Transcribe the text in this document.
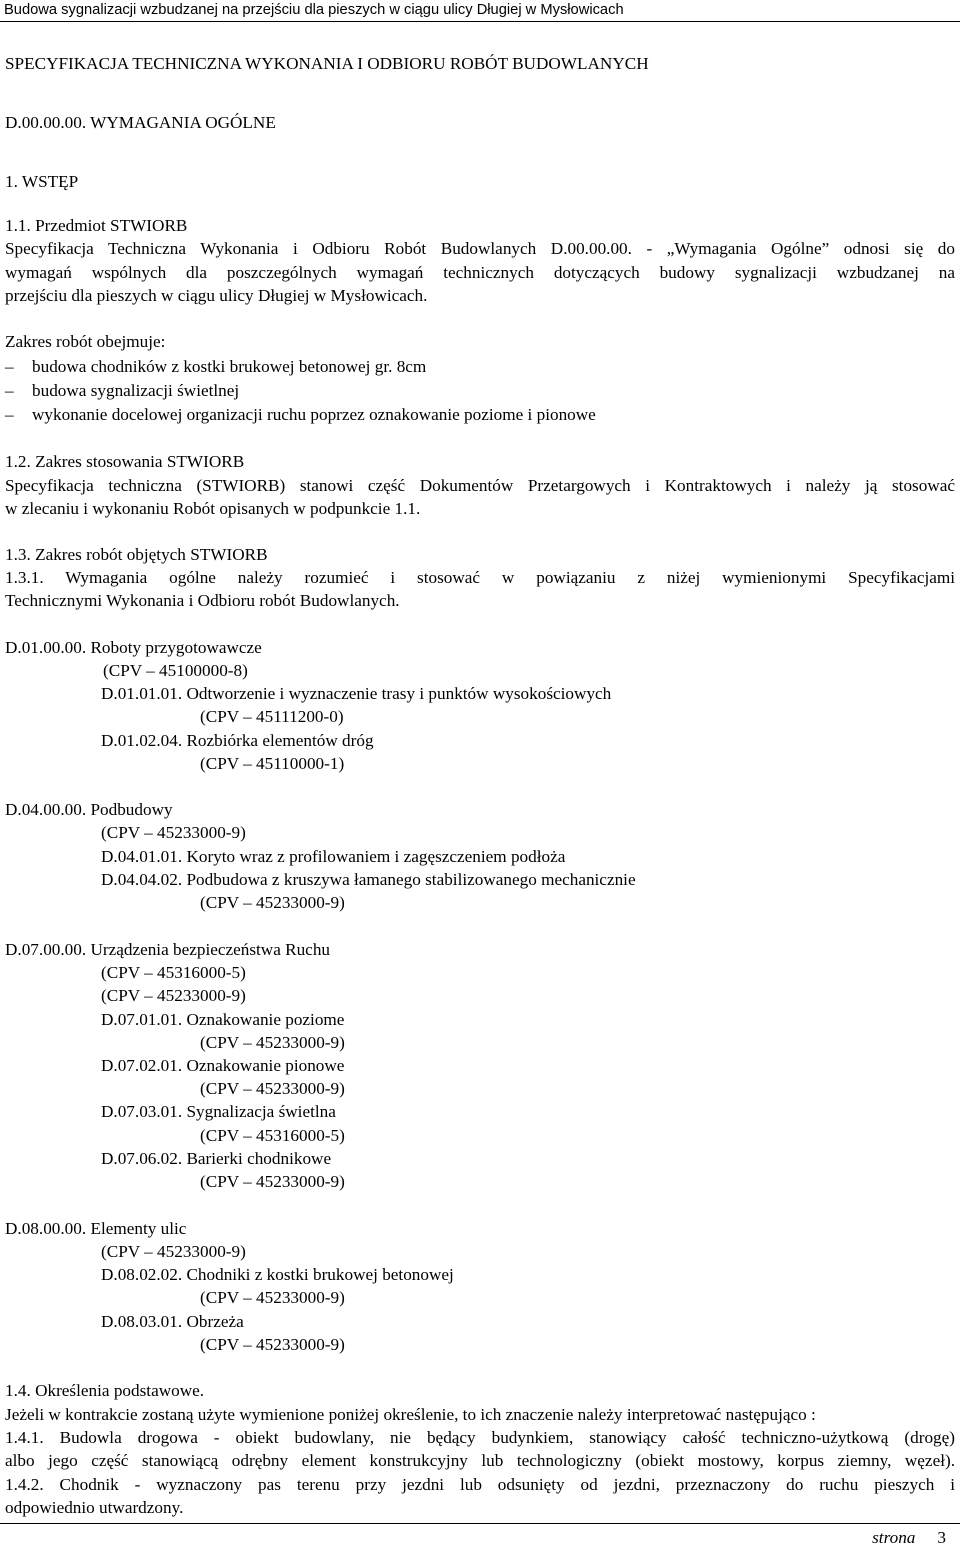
Budowa sygnalizacji wzbudzanej na przejściu dla pieszych w ciągu ulicy Długiej w Mysłowicach
SPECYFIKACJA TECHNICZNA WYKONANIA I ODBIORU ROBÓT BUDOWLANYCH
D.00.00.00. WYMAGANIA OGÓLNE
1. WSTĘP
1.1. Przedmiot STWIORB
Specyfikacja Techniczna Wykonania i Odbioru Robót Budowlanych D.00.00.00. - „Wymagania Ogólne” odnosi się do
wymagań wspólnych dla poszczególnych wymagań technicznych dotyczących budowy sygnalizacji wzbudzanej na
przejściu dla pieszych w ciągu ulicy Długiej w Mysłowicach.
Zakres robót obejmuje:
– budowa chodników z kostki brukowej betonowej gr. 8cm
– budowa sygnalizacji świetlnej
– wykonanie docelowej organizacji ruchu poprzez oznakowanie poziome i pionowe
1.2. Zakres stosowania STWIORB
Specyfikacja techniczna (STWIORB) stanowi część Dokumentów Przetargowych i Kontraktowych i należy ją stosować
w zlecaniu i wykonaniu Robót opisanych w podpunkcie 1.1.
1.3. Zakres robót objętych STWIORB
1.3.1. Wymagania ogólne należy rozumieć i stosować w powiązaniu z niżej wymienionymi Specyfikacjami
Technicznymi Wykonania i Odbioru robót Budowlanych.
D.01.00.00. Roboty przygotowawcze
(CPV – 45100000-8)
D.01.01.01. Odtworzenie i wyznaczenie trasy i punktów wysokościowych
(CPV – 45111200-0)
D.01.02.04. Rozbiórka elementów dróg
(CPV – 45110000-1)
D.04.00.00. Podbudowy
(CPV – 45233000-9)
D.04.01.01. Koryto wraz z profilowaniem i zagęszczeniem podłoża
D.04.04.02. Podbudowa z kruszywa łamanego stabilizowanego mechanicznie
(CPV – 45233000-9)
D.07.00.00. Urządzenia bezpieczeństwa Ruchu
(CPV – 45316000-5)
(CPV – 45233000-9)
D.07.01.01. Oznakowanie poziome
(CPV – 45233000-9)
D.07.02.01. Oznakowanie pionowe
(CPV – 45233000-9)
D.07.03.01. Sygnalizacja świetlna
(CPV – 45316000-5)
D.07.06.02. Barierki chodnikowe
(CPV – 45233000-9)
D.08.00.00. Elementy ulic
(CPV – 45233000-9)
D.08.02.02. Chodniki z kostki brukowej betonowej
(CPV – 45233000-9)
D.08.03.01. Obrzeża
(CPV – 45233000-9)
1.4. Określenia podstawowe.
Jeżeli w kontrakcie zostaną użyte wymienione poniżej określenie, to ich znaczenie należy interpretować następująco :
1.4.1. Budowla drogowa - obiekt budowlany, nie będący budynkiem, stanowiący całość techniczno-użytkową (drogę)
albo jego część stanowiącą odrębny element konstrukcyjny lub technologiczny (obiekt mostowy, korpus ziemny, węzeł).
1.4.2. Chodnik - wyznaczony pas terenu przy jezdni lub odsunięty od jezdni, przeznaczony do ruchu pieszych i
odpowiednio utwardzony.
strona 3
